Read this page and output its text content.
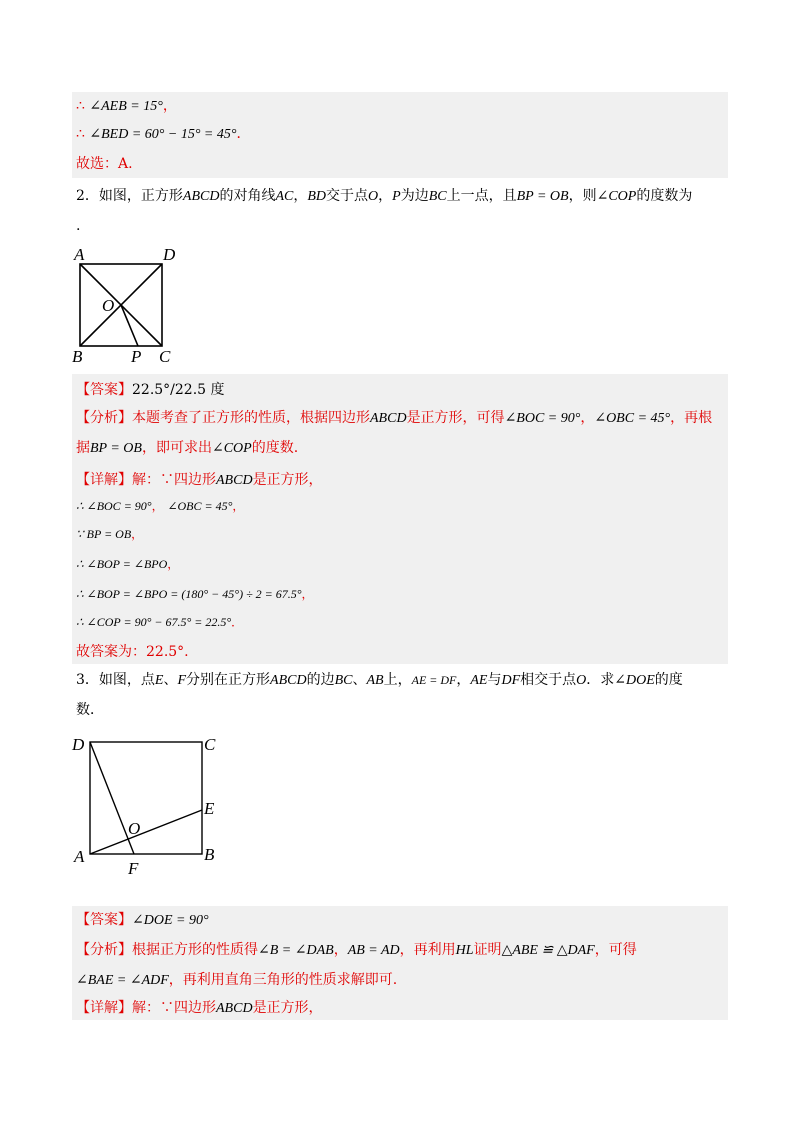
∴ ∠AEB = 15°，
∴ ∠BED = 60° − 15° = 45°．
故选：A.
2．如图，正方形ABCD的对角线AC，BD交于点O，P为边BC上一点，且BP = OB，则∠COP的度数为
.
A	D
O
B	P C
【答案】22.5°/22.5 度
【分析】本题考查了正方形的性质，根据四边形ABCD是正方形，可得∠BOC = 90°，∠OBC = 45°，再根
据BP = OB，即可求出∠COP的度数.
【详解】解：∵四边形ABCD是正方形，
∴ ∠BOC = 90°， ∠OBC = 45°，
∵ BP = OB，
∴ ∠BOP = ∠BPO，
∴ ∠BOP = ∠BPO = (180° − 45°) ÷ 2 = 67.5°，
∴ ∠COP = 90° − 67.5° = 22.5°．
故答案为：22.5°.
3．如图，点E、F分别在正方形ABCD的边BC、AB上，AE = DF，AE与DF相交于点O．求∠DOE的度
数．
D	C
E
O
A	B
F
【答案】∠DOE = 90°
【分析】根据正方形的性质得∠B = ∠DAB，AB = AD，再利用HL证明△ABE ≌ △DAF，可得
∠BAE = ∠ADF，再利用直角三角形的性质求解即可.
【详解】解：∵四边形ABCD是正方形，
